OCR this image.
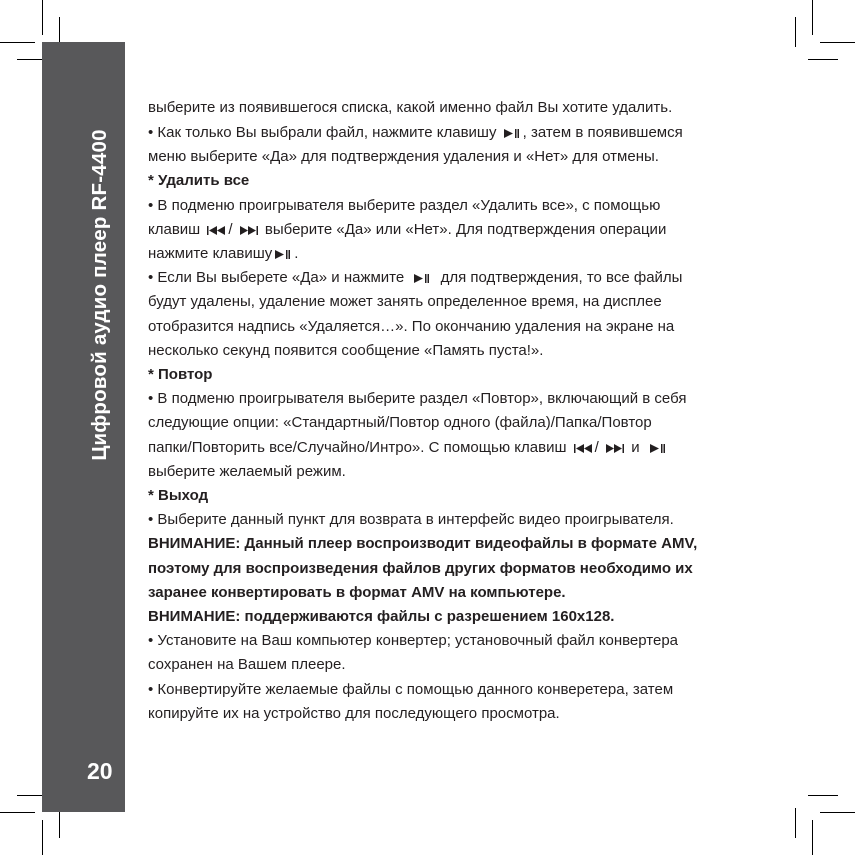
Цифровой аудио плеер RF-4400
20
выберите из появившегося списка, какой именно файл Вы хотите удалить.
• Как только Вы выбрали файл, нажмите клавишу , затем в появившемся
меню выберите «Да» для подтверждения удаления и «Нет» для отмены.
* Удалить все
• В подменю проигрывателя выберите раздел «Удалить все», с помощью
клавиш / выберите «Да» или «Нет». Для подтверждения операции
нажмите клавишу .
• Если Вы выберете «Да» и нажмите для подтверждения, то все файлы
будут удалены, удаление может занять определенное время, на дисплее
отобразится надпись «Удаляется…». По окончанию удаления на экране на
несколько секунд появится сообщение «Память пуста!».
* Повтор
• В подменю проигрывателя выберите раздел «Повтор», включающий в себя
следующие опции: «Стандартный/Повтор одного (файла)/Папка/Повтор
папки/Повторить все/Случайно/Интро». С помощью клавиш / и
выберите желаемый режим.
* Выход
• Выберите данный пункт для возврата в интерфейс видео проигрывателя.
ВНИМАНИЕ: Данный плеер воспроизводит видеофайлы в формате AMV,
поэтому для воспроизведения файлов других форматов необходимо их
заранее конвертировать в формат AMV на компьютере.
ВНИМАНИЕ: поддерживаются файлы с разрешением 160x128.
• Установите на Ваш компьютер конвертер; установочный файл конвертера
сохранен на Вашем плеере.
• Конвертируйте желаемые файлы с помощью данного конвеpетера, затем
копируйте их на устройство для последующего просмотра.
